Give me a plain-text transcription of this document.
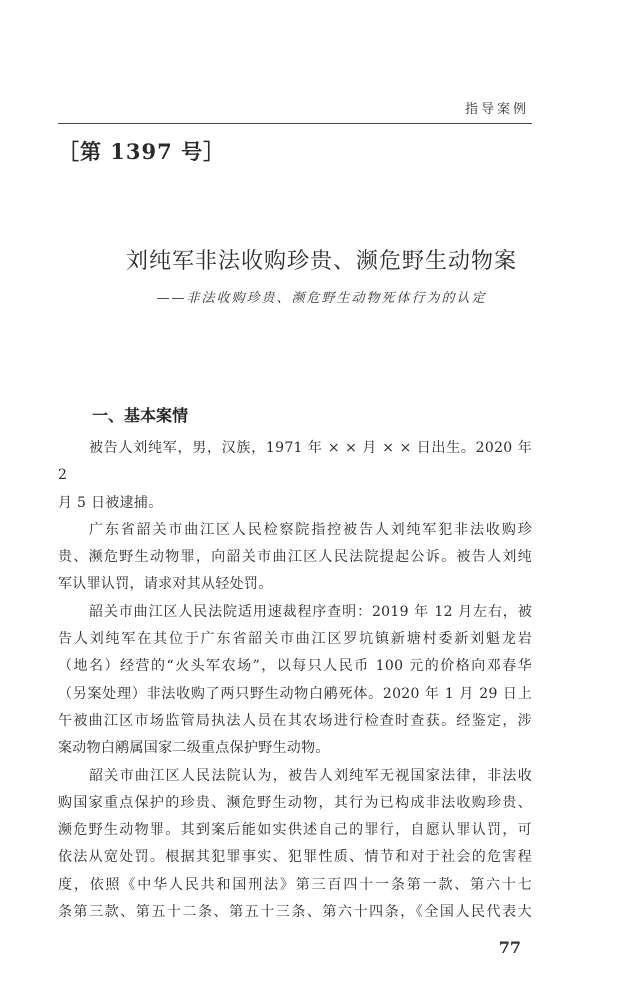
指导案例
［第 1397 号］
刘纯军非法收购珍贵、濒危野生动物案
——非法收购珍贵、濒危野生动物死体行为的认定
一、基本案情

被告人刘纯军，男，汉族，1971 年 × × 月 × × 日出生。2020 年 2
月 5 日被逮捕。

广东省韶关市曲江区人民检察院指控被告人刘纯军犯非法收购珍
贵、濒危野生动物罪，向韶关市曲江区人民法院提起公诉。被告人刘纯
军认罪认罚，请求对其从轻处罚。

韶关市曲江区人民法院适用速裁程序查明：2019 年 12 月左右，被
告人刘纯军在其位于广东省韶关市曲江区罗坑镇新塘村委新刘魁龙岩
（地名）经营的“火头军农场”，以每只人民币 100 元的价格向邓春华
（另案处理）非法收购了两只野生动物白鹇死体。2020 年 1 月 29 日上
午被曲江区市场监管局执法人员在其农场进行检查时查获。经鉴定，涉
案动物白鹇属国家二级重点保护野生动物。

韶关市曲江区人民法院认为，被告人刘纯军无视国家法律，非法收
购国家重点保护的珍贵、濒危野生动物，其行为已构成非法收购珍贵、
濒危野生动物罪。其到案后能如实供述自己的罪行，自愿认罪认罚，可
依法从宽处罚。根据其犯罪事实、犯罪性质、情节和对于社会的危害程
度，依照《中华人民共和国刑法》第三百四十一条第一款、第六十七
条第三款、第五十二条、第五十三条、第六十四条，《全国人民代表大

77
